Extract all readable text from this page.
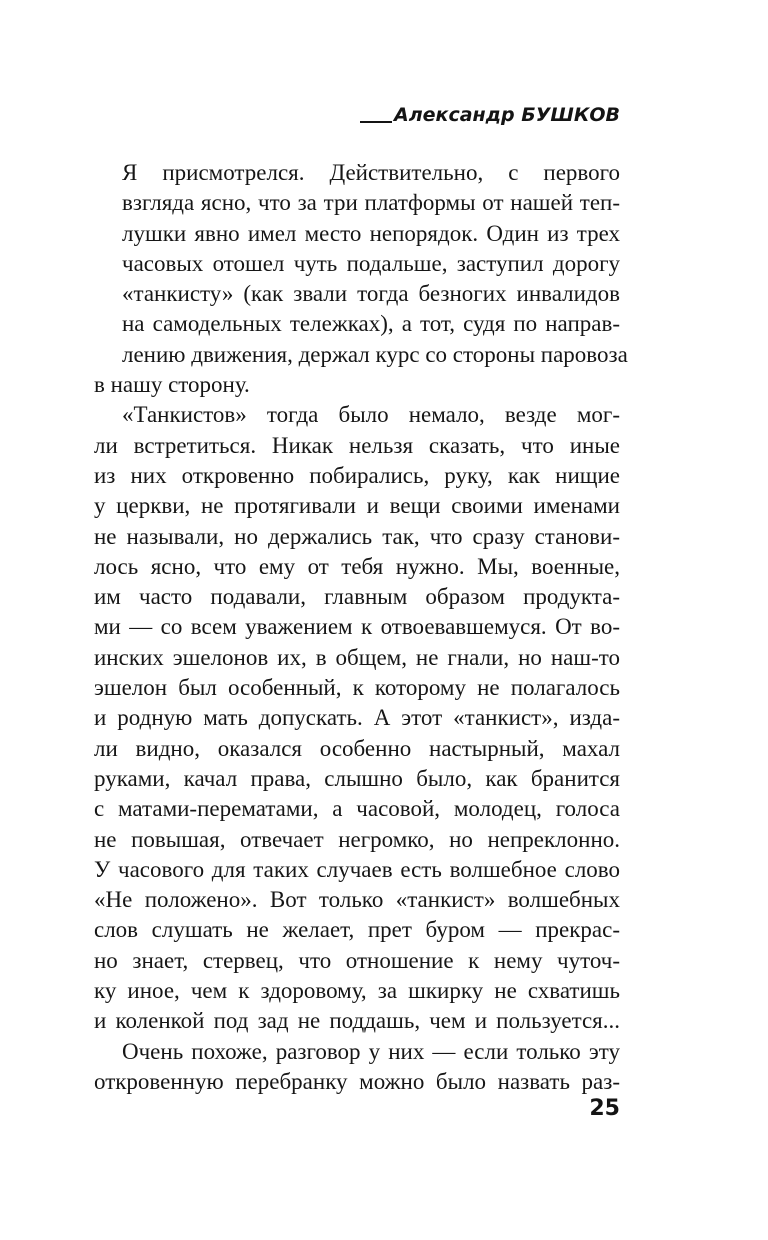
Александр БУШКОВ

Я присмотрелся. Действительно, с первого
взгляда ясно, что за три платформы от нашей теп-
лушки явно имел место непорядок. Один из трех
часовых отошел чуть подальше, заступил дорогу
«танкисту» (как звали тогда безногих инвалидов
на самодельных тележках), а тот, судя по направ-
лению движения, держал курс со стороны паровоза
в нашу сторону.

«Танкистов» тогда было немало, везде мог-
ли встретиться. Никак нельзя сказать, что иные
из них откровенно побирались, руку, как нищие
у церкви, не протягивали и вещи своими именами
не называли, но держались так, что сразу станови-
лось ясно, что ему от тебя нужно. Мы, военные,
им часто подавали, главным образом продукта-
ми — со всем уважением к отвоевавшемуся. От во-
инских эшелонов их, в общем, не гнали, но наш-то
эшелон был особенный, к которому не полагалось
и родную мать допускать. А этот «танкист», изда-
ли видно, оказался особенно настырный, махал
руками, качал права, слышно было, как бранится
с матами-перематами, а часовой, молодец, голоса
не повышая, отвечает негромко, но непреклонно.
У часового для таких случаев есть волшебное слово
«Не положено». Вот только «танкист» волшебных
слов слушать не желает, прет буром — прекрас-
но знает, стервец, что отношение к нему чуточ-
ку иное, чем к здоровому, за шкирку не схватишь
и коленкой под зад не поддашь, чем и пользуется...

Очень похоже, разговор у них — если только эту
откровенную перебранку можно было назвать раз-

25
